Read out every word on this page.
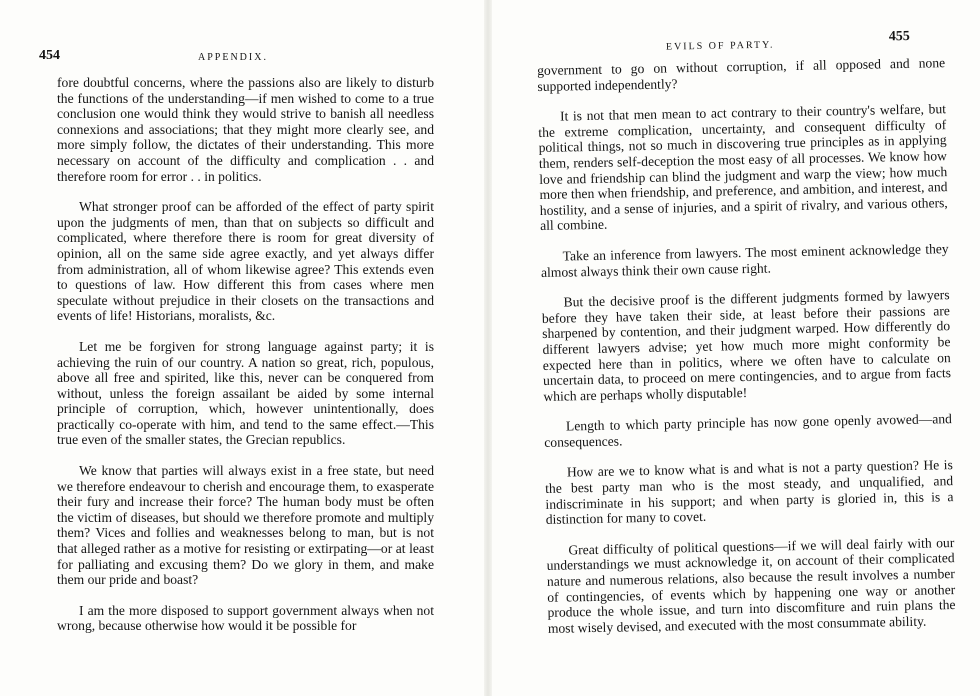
454	APPENDIX.

fore doubtful concerns, where the passions also are likely to disturb the functions of the understanding—if men wished to come to a true conclusion one would think they would strive to banish all needless connexions and associations; that they might more clearly see, and more simply follow, the dictates of their understanding. This more necessary on account of the difficulty and complication . . and therefore room for error . . in politics.

What stronger proof can be afforded of the effect of party spirit upon the judgments of men, than that on subjects so difficult and complicated, where therefore there is room for great diversity of opinion, all on the same side agree exactly, and yet always differ from administration, all of whom likewise agree? This extends even to questions of law. How different this from cases where men speculate without prejudice in their closets on the transactions and events of life! Historians, moralists, &c.

Let me be forgiven for strong language against party; it is achieving the ruin of our country. A nation so great, rich, populous, above all free and spirited, like this, never can be conquered from without, unless the foreign assailant be aided by some internal principle of corruption, which, however unintentionally, does practically co-operate with him, and tend to the same effect.—This true even of the smaller states, the Grecian republics.

We know that parties will always exist in a free state, but need we therefore endeavour to cherish and encourage them, to exasperate their fury and increase their force? The human body must be often the victim of diseases, but should we therefore promote and multiply them? Vices and follies and weaknesses belong to man, but is not that alleged rather as a motive for resisting or extirpating—or at least for palliating and excusing them? Do we glory in them, and make them our pride and boast?

I am the more disposed to support government always when not wrong, because otherwise how would it be possible for

EVILS OF PARTY.
455

government to go on without corruption, if all opposed and none supported independently?

It is not that men mean to act contrary to their country's welfare, but the extreme complication, uncertainty, and consequent difficulty of political things, not so much in discovering true principles as in applying them, renders self-deception the most easy of all processes. We know how love and friendship can blind the judgment and warp the view; how much more then when friendship, and preference, and ambition, and interest, and hostility, and a sense of injuries, and a spirit of rivalry, and various others, all combine.

Take an inference from lawyers. The most eminent acknowledge they almost always think their own cause right.

But the decisive proof is the different judgments formed by lawyers before they have taken their side, at least before their passions are sharpened by contention, and their judgment warped. How differently do different lawyers advise; yet how much more might conformity be expected here than in politics, where we often have to calculate on uncertain data, to proceed on mere contingencies, and to argue from facts which are perhaps wholly disputable!

Length to which party principle has now gone openly avowed—and consequences.

How are we to know what is and what is not a party question? He is the best party man who is the most steady, and unqualified, and indiscriminate in his support; and when party is gloried in, this is a distinction for many to covet.

Great difficulty of political questions—if we will deal fairly with our understandings we must acknowledge it, on account of their complicated nature and numerous relations, also because the result involves a number of contingencies, of events which by happening one way or another produce the whole issue, and turn into discomfiture and ruin plans the most wisely devised, and executed with the most consummate ability.
